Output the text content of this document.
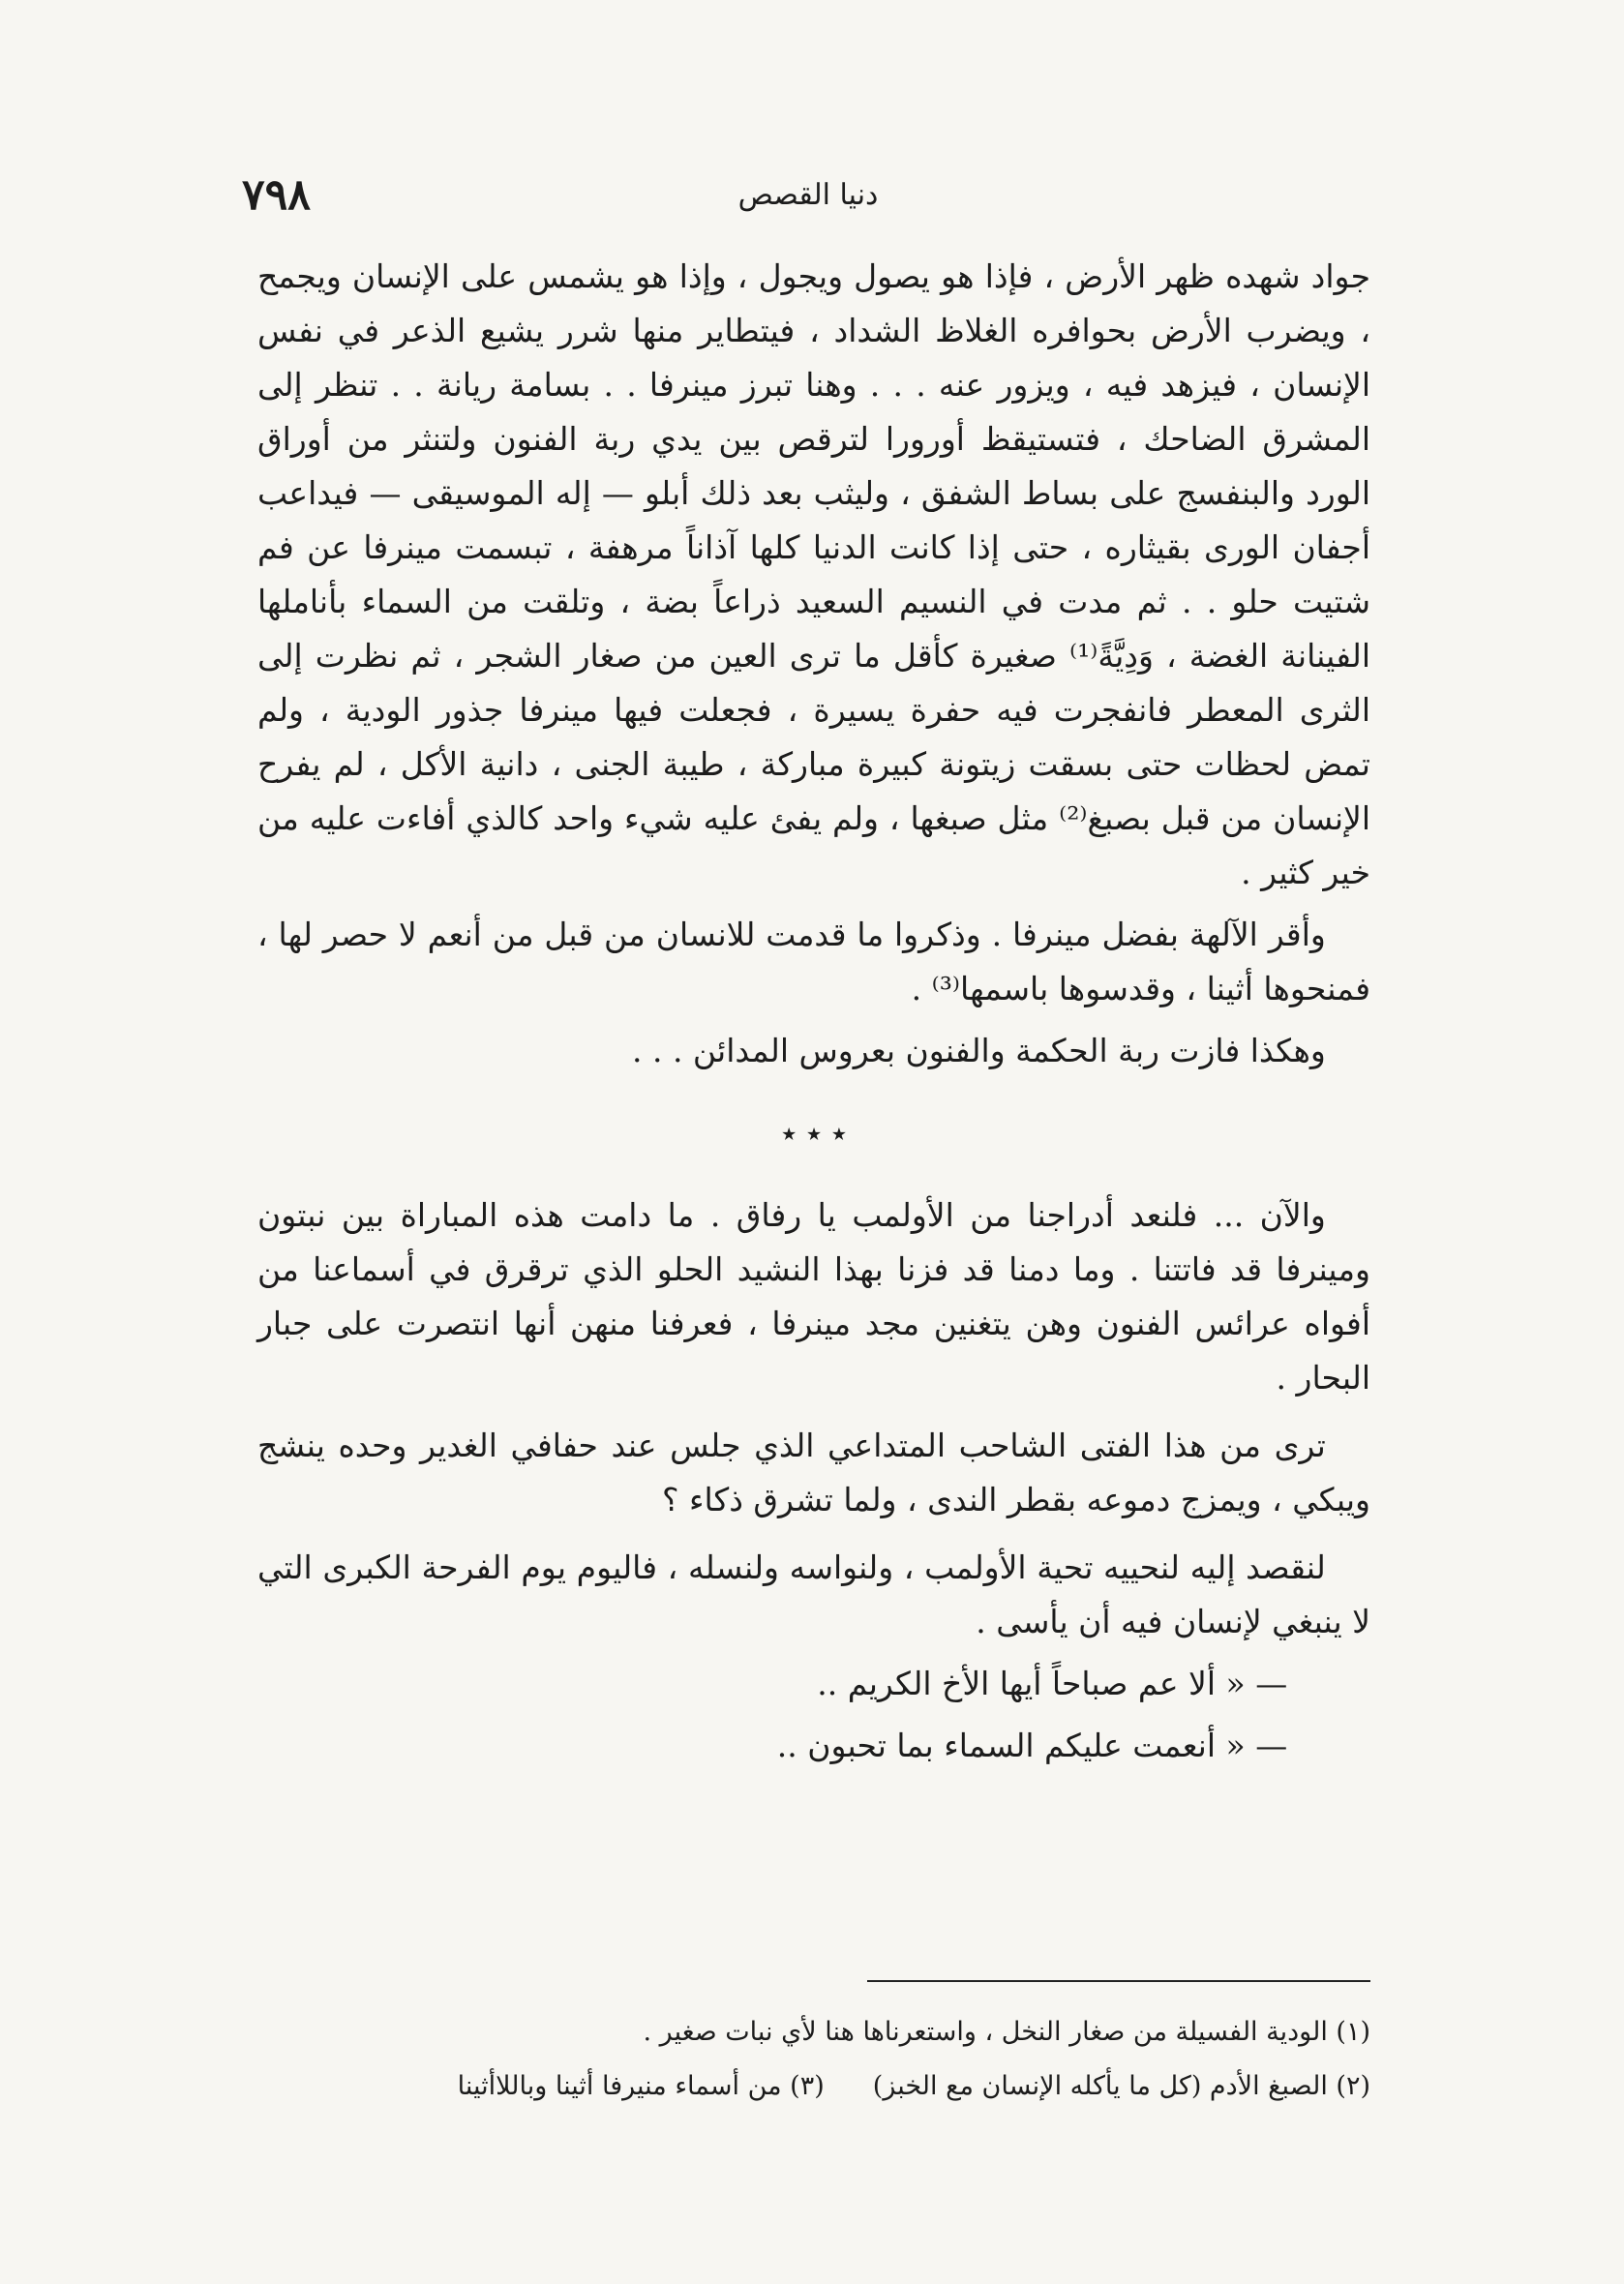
٧٩٨	دنيا القصص

جواد شهده ظهر الأرض ، فإذا هو يصول ويجول ، وإذا هو يشمس على الإنسان ويجمح ، ويضرب الأرض بحوافره الغلاظ الشداد ، فيتطاير منها شرر يشيع الذعر في نفس الإنسان ، فيزهد فيه ، ويزور عنه . . . وهنا تبرز مينرفا . . بسامة ريانة . . تنظر إلى المشرق الضاحك ، فتستيقظ أورورا لترقص بين يدي ربة الفنون ولتنثر من أوراق الورد والبنفسج على بساط الشفق ، وليثب بعد ذلك أبلو — إله الموسيقى — فيداعب أجفان الورى بقيثاره ، حتى إذا كانت الدنيا كلها آذاناً مرهفة ، تبسمت مينرفا عن فم شتيت حلو . . ثم مدت في النسيم السعيد ذراعاً بضة ، وتلقت من السماء بأناملها الفينانة الغضة ، وَدِيَّةً⁽¹⁾ صغيرة كأقل ما ترى العين من صغار الشجر ، ثم نظرت إلى الثرى المعطر فانفجرت فيه حفرة يسيرة ، فجعلت فيها مينرفا جذور الودية ، ولم تمض لحظات حتى بسقت زيتونة كبيرة مباركة ، طيبة الجنى ، دانية الأكل ، لم يفرح الإنسان من قبل بصبغ⁽²⁾ مثل صبغها ، ولم يفئ عليه شيء واحد كالذي أفاءت عليه من خير كثير .

وأقر الآلهة بفضل مينرفا . وذكروا ما قدمت للانسان من قبل من أنعم لا حصر لها ، فمنحوها أثينا ، وقدسوها باسمها⁽³⁾ .

وهكذا فازت ربة الحكمة والفنون بعروس المدائن . . .

٭ ٭ ٭

والآن ... فلنعد أدراجنا من الأولمب يا رفاق . ما دامت هذه المباراة بين نبتون ومينرفا قد فاتتنا . وما دمنا قد فزنا بهذا النشيد الحلو الذي ترقرق في أسماعنا من أفواه عرائس الفنون وهن يتغنين مجد مينرفا ، فعرفنا منهن أنها انتصرت على جبار البحار .

ترى من هذا الفتى الشاحب المتداعي الذي جلس عند حفافي الغدير وحده ينشج ويبكي ، ويمزج دموعه بقطر الندى ، ولما تشرق ذكاء ؟

لنقصد إليه لنحييه تحية الأولمب ، ولنواسه ولنسله ، فاليوم يوم الفرحة الكبرى التي لا ينبغي لإنسان فيه أن يأسى .

— « ألا عم صباحاً أيها الأخ الكريم ..

— « أنعمت عليكم السماء بما تحبون ..

(١) الودية الفسيلة من صغار النخل ، واستعرناها هنا لأي نبات صغير .

(٢) الصبغ الأدم (كل ما يأكله الإنسان مع الخبز)(٣) من أسماء منيرفا أثينا وباللاأثينا
